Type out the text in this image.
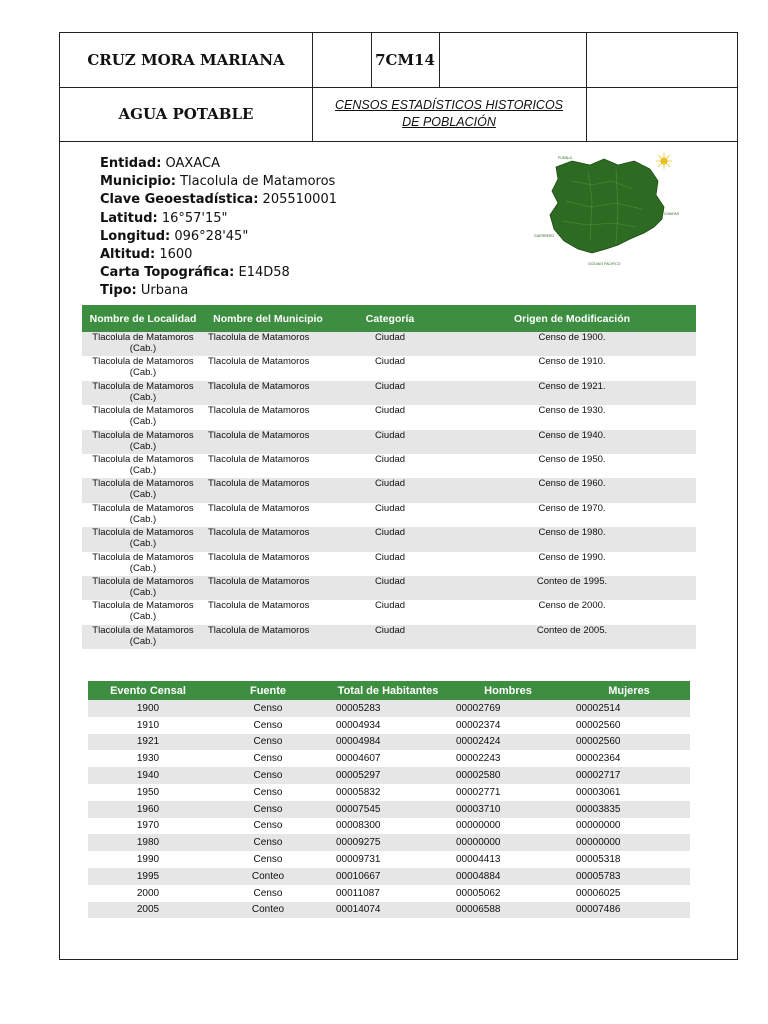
CRUZ MORA MARIANA	7CM14
AGUA POTABLE	CENSOS ESTADÍSTICOS HISTORICOS DE POBLACIÓN
Entidad: OAXACA
Municipio: Tlacolula de Matamoros
Clave Geoestadística: 205510001
Latitud: 16°57'15"
Longitud: 096°28'45"
Altitud: 1600
Carta Topográfica: E14D58
Tipo: Urbana
PUEBLA
VERACRUZ-LLAVE
CHIAPAS
GUERRERO
OCEANO PACIFICO
Nombre de Localidad	Nombre del Municipio	Categoría	Origen de Modificación
Tlacolula de Matamoros (Cab.)	Tlacolula de Matamoros	Ciudad	Censo de 1900.
Tlacolula de Matamoros (Cab.)	Tlacolula de Matamoros	Ciudad	Censo de 1910.
Tlacolula de Matamoros (Cab.)	Tlacolula de Matamoros	Ciudad	Censo de 1921.
Tlacolula de Matamoros (Cab.)	Tlacolula de Matamoros	Ciudad	Censo de 1930.
Tlacolula de Matamoros (Cab.)	Tlacolula de Matamoros	Ciudad	Censo de 1940.
Tlacolula de Matamoros (Cab.)	Tlacolula de Matamoros	Ciudad	Censo de 1950.
Tlacolula de Matamoros (Cab.)	Tlacolula de Matamoros	Ciudad	Censo de 1960.
Tlacolula de Matamoros (Cab.)	Tlacolula de Matamoros	Ciudad	Censo de 1970.
Tlacolula de Matamoros (Cab.)	Tlacolula de Matamoros	Ciudad	Censo de 1980.
Tlacolula de Matamoros (Cab.)	Tlacolula de Matamoros	Ciudad	Censo de 1990.
Tlacolula de Matamoros (Cab.)	Tlacolula de Matamoros	Ciudad	Conteo de 1995.
Tlacolula de Matamoros (Cab.)	Tlacolula de Matamoros	Ciudad	Censo de 2000.
Tlacolula de Matamoros (Cab.)	Tlacolula de Matamoros	Ciudad	Conteo de 2005.
Evento Censal	Fuente	Total de Habitantes	Hombres	Mujeres
1900	Censo	00005283	00002769	00002514
1910	Censo	00004934	00002374	00002560
1921	Censo	00004984	00002424	00002560
1930	Censo	00004607	00002243	00002364
1940	Censo	00005297	00002580	00002717
1950	Censo	00005832	00002771	00003061
1960	Censo	00007545	00003710	00003835
1970	Censo	00008300	00000000	00000000
1980	Censo	00009275	00000000	00000000
1990	Censo	00009731	00004413	00005318
1995	Conteo	00010667	00004884	00005783
2000	Censo	00011087	00005062	00006025
2005	Conteo	00014074	00006588	00007486
